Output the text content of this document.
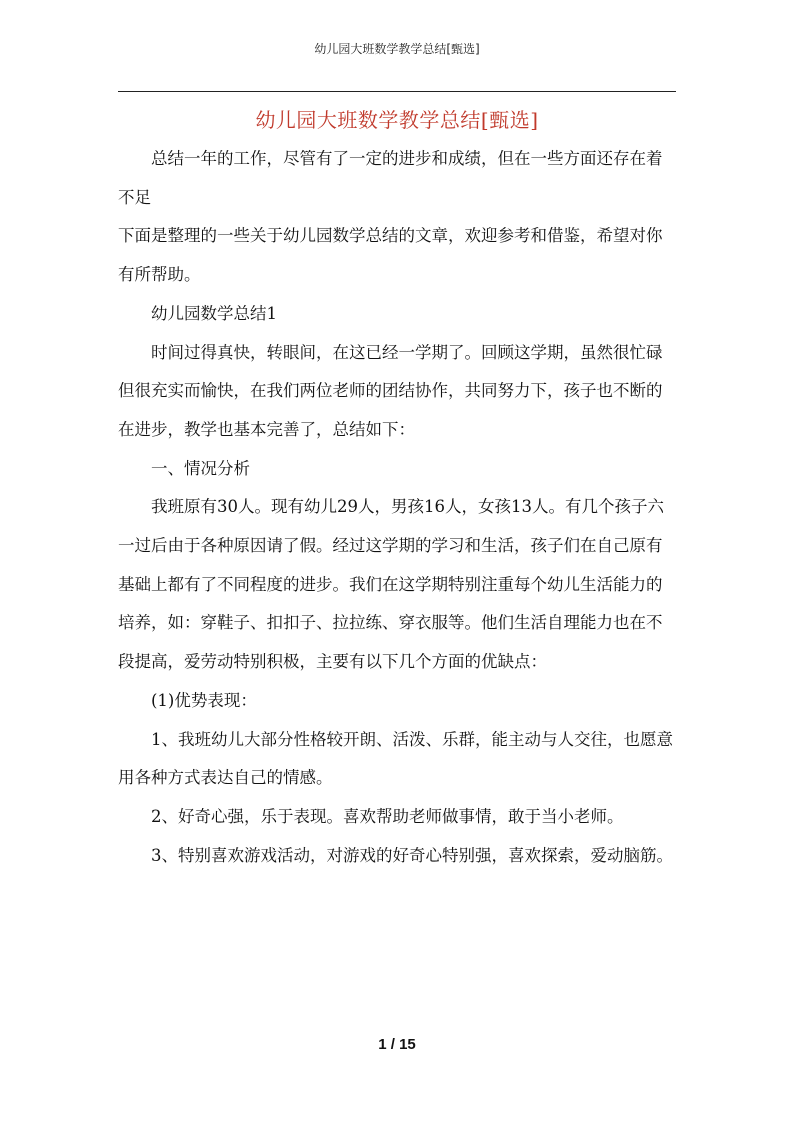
幼儿园大班数学教学总结[甄选]
幼儿园大班数学教学总结[甄选]

总结一年的工作，尽管有了一定的进步和成绩，但在一些方面还存在着不足

下面是整理的一些关于幼儿园数学总结的文章，欢迎参考和借鉴，希望对你有所帮助。

幼儿园数学总结1

时间过得真快，转眼间，在这已经一学期了。回顾这学期，虽然很忙碌但很充实而愉快，在我们两位老师的团结协作，共同努力下，孩子也不断的在进步，教学也基本完善了，总结如下：

一、情况分析

我班原有30人。现有幼儿29人，男孩16人，女孩13人。有几个孩子六一过后由于各种原因请了假。经过这学期的学习和生活，孩子们在自己原有基础上都有了不同程度的进步。我们在这学期特别注重每个幼儿生活能力的培养，如：穿鞋子、扣扣子、拉拉练、穿衣服等。他们生活自理能力也在不段提高，爱劳动特别积极，主要有以下几个方面的优缺点：

(1)优势表现：

1、我班幼儿大部分性格较开朗、活泼、乐群，能主动与人交往，也愿意用各种方式表达自己的情感。

2、好奇心强，乐于表现。喜欢帮助老师做事情，敢于当小老师。

3、特别喜欢游戏活动，对游戏的好奇心特别强，喜欢探索，爱动脑筋。

1 / 15
